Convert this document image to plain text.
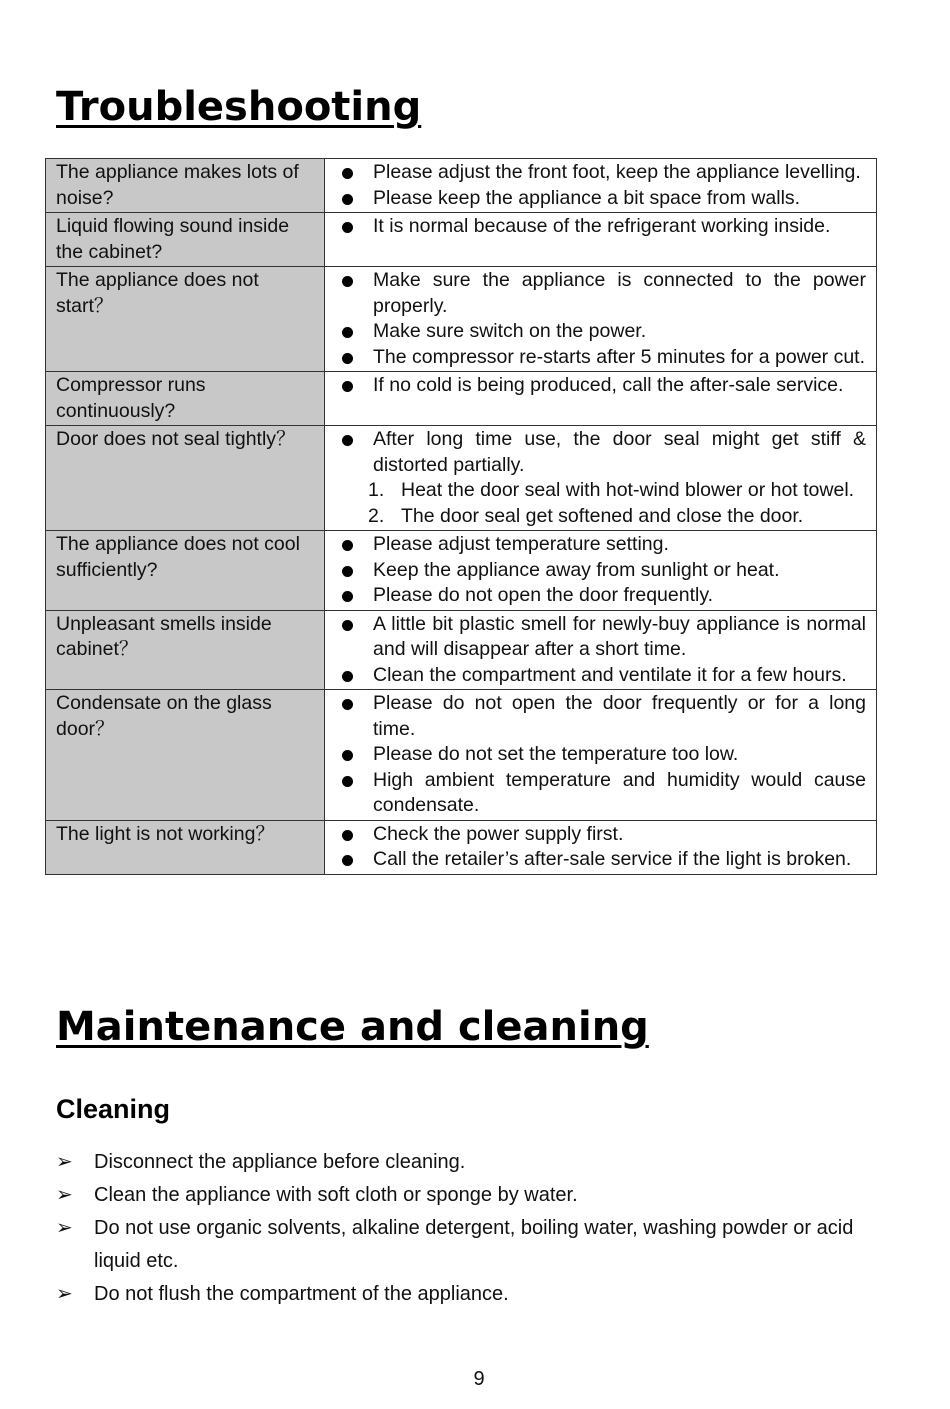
Troubleshooting
The appliance makes lots of noise?	Please adjust the front foot, keep the appliance levelling.
Please keep the appliance a bit space from walls.

Liquid flowing sound inside the cabinet?	It is normal because of the refrigerant working inside.

The appliance does not start？	Make sure the appliance is connected to the power properly.
Make sure switch on the power.
The compressor re-starts after 5 minutes for a power cut.

Compressor runs continuously?	If no cold is being produced, call the after-sale service.

Door does not seal tightly？	After long time use, the door seal might get stiff & distorted partially.
1. Heat the door seal with hot-wind blower or hot towel.
2. The door seal get softened and close the door.

The appliance does not cool sufficiently?	Please adjust temperature setting.
Keep the appliance away from sunlight or heat.
Please do not open the door frequently.

Unpleasant smells inside cabinet？	A little bit plastic smell for newly-buy appliance is normal and will disappear after a short time.
Clean the compartment and ventilate it for a few hours.

Condensate on the glass door？	Please do not open the door frequently or for a long time.
Please do not set the temperature too low.
High ambient temperature and humidity would cause condensate.

The light is not working？	Check the power supply first.
Call the retailer’s after-sale service if the light is broken.
Maintenance and cleaning
Cleaning
➢ Disconnect the appliance before cleaning.
➢ Clean the appliance with soft cloth or sponge by water.
➢ Do not use organic solvents, alkaline detergent, boiling water, washing powder or acid liquid etc.
➢ Do not flush the compartment of the appliance.
9
